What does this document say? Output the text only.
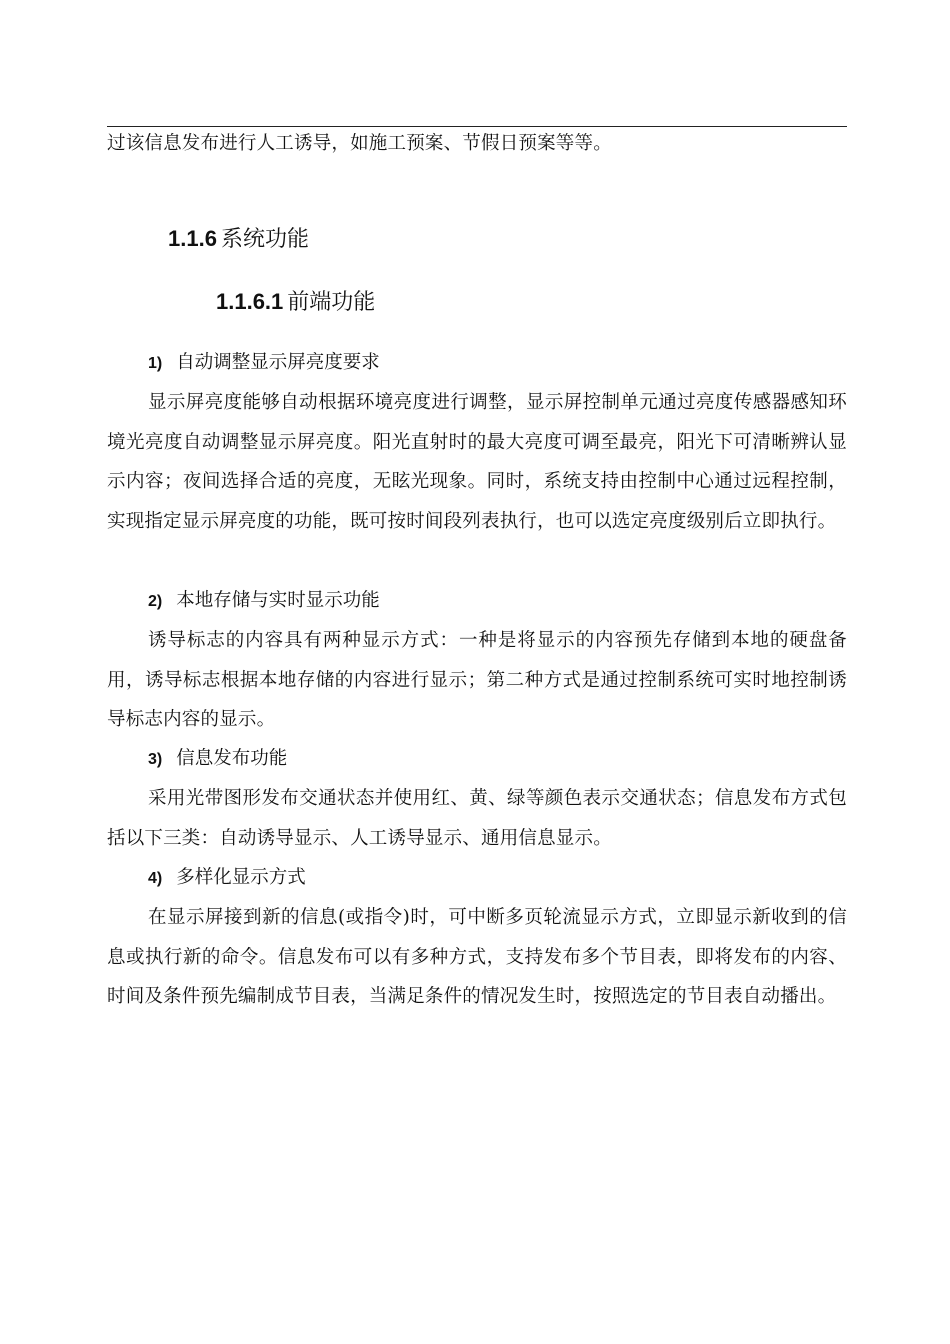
过该信息发布进行人工诱导，如施工预案、节假日预案等等。

1.1.6 系统功能
1.1.6.1 前端功能

1) 自动调整显示屏亮度要求

显示屏亮度能够自动根据环境亮度进行调整，显示屏控制单元通过亮度传感器感知环境光亮度自动调整显示屏亮度。阳光直射时的最大亮度可调至最亮，阳光下可清晰辨认显示内容；夜间选择合适的亮度，无眩光现象。同时，系统支持由控制中心通过远程控制，实现指定显示屏亮度的功能，既可按时间段列表执行，也可以选定亮度级别后立即执行。

2) 本地存储与实时显示功能

诱导标志的内容具有两种显示方式：一种是将显示的内容预先存储到本地的硬盘备用，诱导标志根据本地存储的内容进行显示；第二种方式是通过控制系统可实时地控制诱导标志内容的显示。

3) 信息发布功能

采用光带图形发布交通状态并使用红、黄、绿等颜色表示交通状态；信息发布方式包括以下三类：自动诱导显示、人工诱导显示、通用信息显示。

4) 多样化显示方式

在显示屏接到新的信息(或指令)时，可中断多页轮流显示方式，立即显示新收到的信息或执行新的命令。信息发布可以有多种方式，支持发布多个节目表，即将发布的内容、时间及条件预先编制成节目表，当满足条件的情况发生时，按照选定的节目表自动播出。
